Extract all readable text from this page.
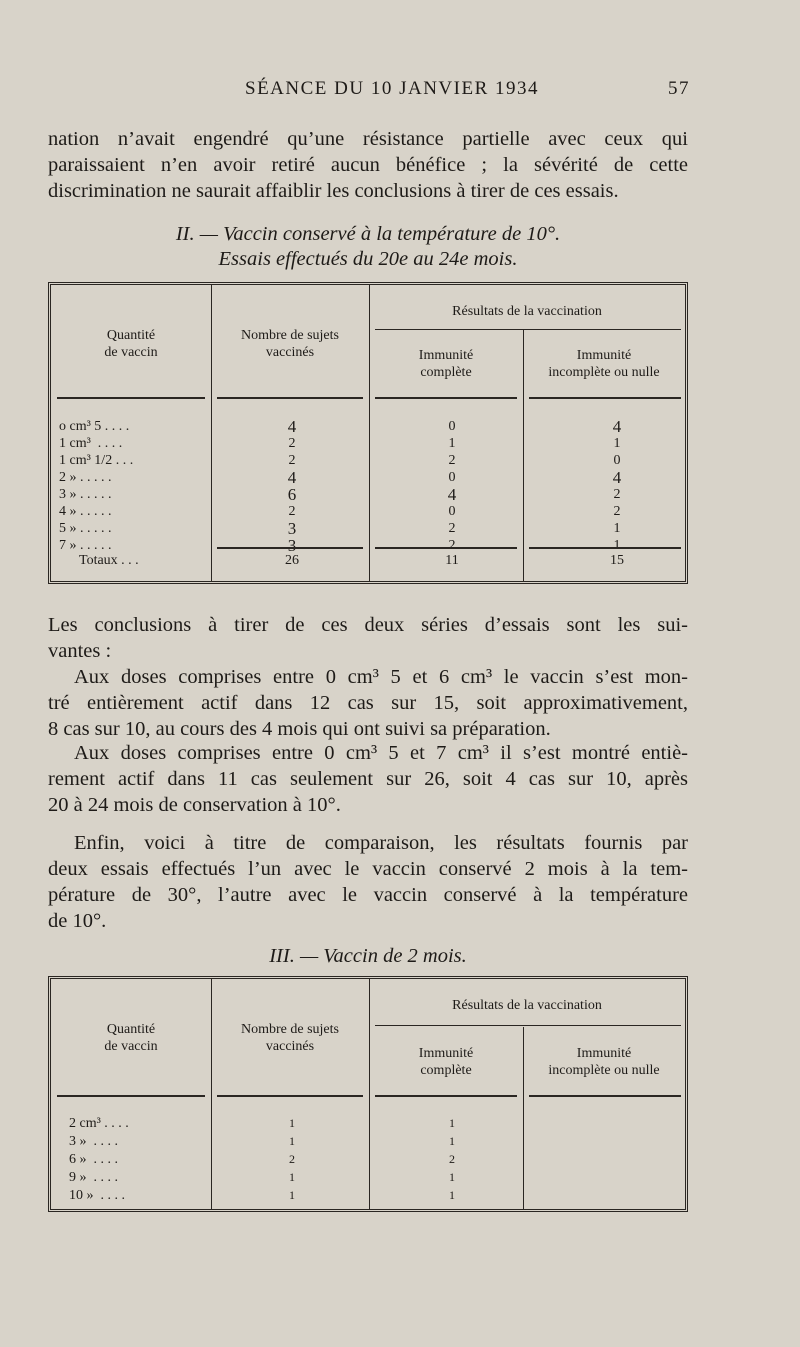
SÉANCE DU 10 JANVIER 1934	57
nation n’avait engendré qu’une résistance partielle avec ceux qui
paraissaient n’en avoir retiré aucun bénéfice ; la sévérité de cette
discrimination ne saurait affaiblir les conclusions à tirer de ces essais.
II. — Vaccin conservé à la température de 10°.
Essais effectués du 20e au 24e mois.
Quantité
de vaccin
Nombre de sujets
vaccinés
Résultats de la vaccination
Immunité
complète
Immunité
incomplète ou nulle
o cm³ 5 . . . .	4	0	4
1 cm³  . . . .	2	1	1
1 cm³ 1/2 . . .	2	2	0
2 » . . . . .	4	0	4
3 » . . . . .	6	4	2
4 » . . . . .	2	0	2
5 » . . . . .	3	2	1
7 » . . . . .	3	2	1
Totaux . . .	26	11	15
Les conclusions à tirer de ces deux séries d’essais sont les sui-
vantes :
Aux doses comprises entre 0 cm³ 5 et 6 cm³ le vaccin s’est mon-
tré entièrement actif dans 12 cas sur 15, soit approximativement,
8 cas sur 10, au cours des 4 mois qui ont suivi sa préparation.
Aux doses comprises entre 0 cm³ 5 et 7 cm³ il s’est montré entiè-
rement actif dans 11 cas seulement sur 26, soit 4 cas sur 10, après
20 à 24 mois de conservation à 10°.
Enfin, voici à titre de comparaison, les résultats fournis par
deux essais effectués l’un avec le vaccin conservé 2 mois à la tem-
pérature de 30°, l’autre avec le vaccin conservé à la température
de 10°.
III. — Vaccin de 2 mois.
Quantité
de vaccin
Nombre de sujets
vaccinés
Résultats de la vaccination
Immunité
complète
Immunité
incomplète ou nulle
2 cm³ . . . .	1	1
3 »  . . . .	1	1
6 »  . . . .	2	2
9 »  . . . .	1	1
10 »  . . . .	1	1
